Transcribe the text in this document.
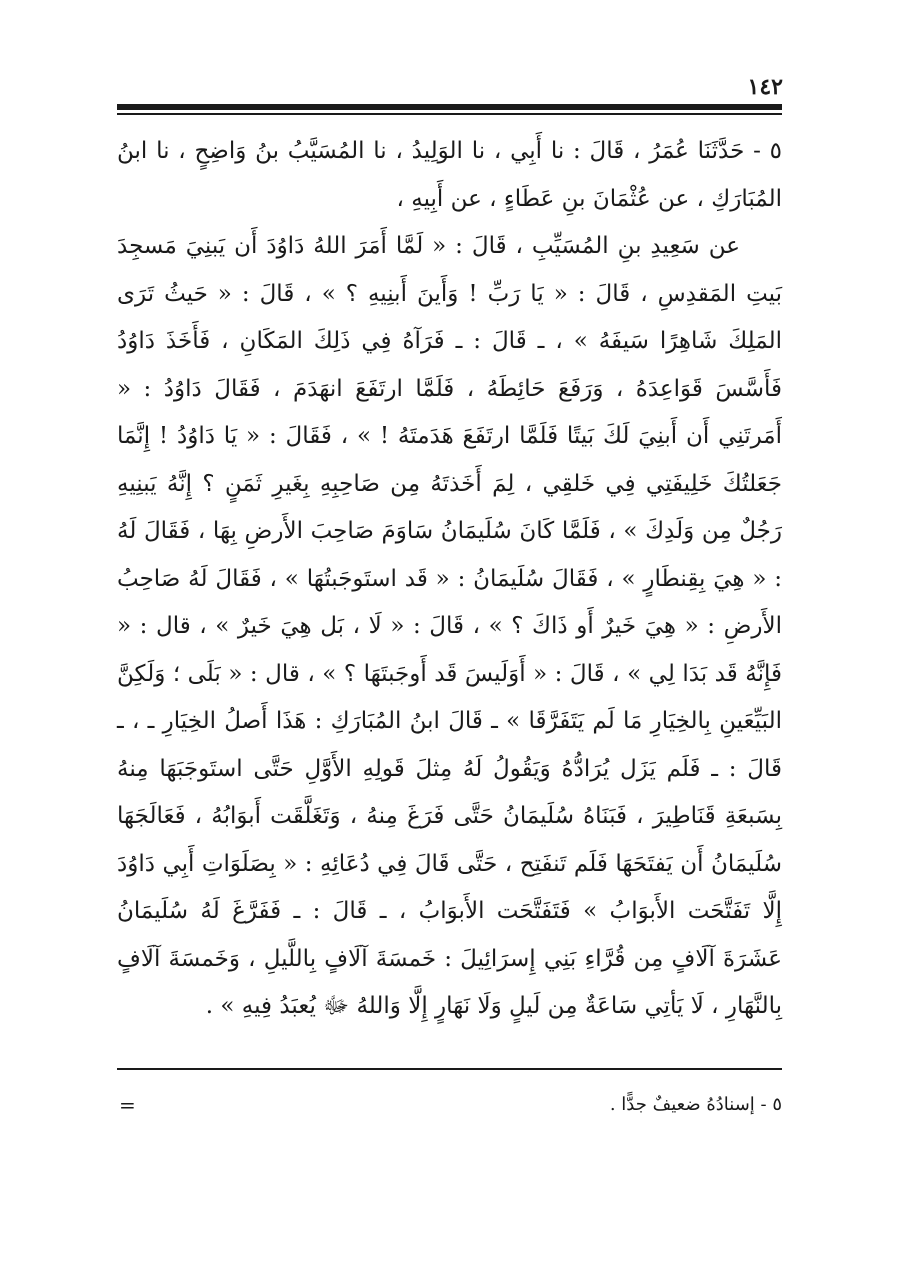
١٤٢

٥ - حَدَّثَنَا عُمَرُ ، قَالَ : نا أَبِي ، نا الوَلِيدُ ، نا المُسَيَّبُ بنُ وَاضِحٍ ، نا ابنُ المُبَارَكِ ، عن عُثْمَانَ بنِ عَطَاءٍ ، عن أَبِيهِ ،

عن سَعِيدِ بنِ المُسَيِّبِ ، قَالَ : « لَمَّا أَمَرَ اللهُ دَاوُدَ أَن يَبنِيَ مَسجِدَ بَيتِ المَقدِسِ ، قَالَ : « يَا رَبِّ ! وَأَينَ أَبنِيهِ ؟ » ، قَالَ : « حَيثُ تَرَى المَلِكَ شَاهِرًا سَيفَهُ » ، ـ قَالَ : ـ فَرَآهُ فِي ذَلِكَ المَكَانِ ، فَأَخَذَ دَاوُدُ فَأَسَّسَ قَوَاعِدَهُ ، وَرَفَعَ حَائِطَهُ ، فَلَمَّا ارتَفَعَ انهَدَمَ ، فَقَالَ دَاوُدُ : « أَمَرتَنِي أَن أَبنِيَ لَكَ بَيتًا فَلَمَّا ارتَفَعَ هَدَمتَهُ ! » ، فَقَالَ : « يَا دَاوُدُ ! إِنَّمَا جَعَلتُكَ خَلِيفَتِي فِي خَلقِي ، لِمَ أَخَذتَهُ مِن صَاحِبِهِ بِغَيرِ ثَمَنٍ ؟ إِنَّهُ يَبنِيهِ رَجُلٌ مِن وَلَدِكَ » ، فَلَمَّا كَانَ سُلَيمَانُ سَاوَمَ صَاحِبَ الأَرضِ بِهَا ، فَقَالَ لَهُ : « هِيَ بِقِنطَارٍ » ، فَقَالَ سُلَيمَانُ : « قَد استَوجَبتُهَا » ، فَقَالَ لَهُ صَاحِبُ الأَرضِ : « هِيَ خَيرٌ أَو ذَاكَ ؟ » ، قَالَ : « لَا ، بَل هِيَ خَيرٌ » ، قال : « فَإِنَّهُ قَد بَدَا لِي » ، قَالَ : « أَوَلَيسَ قَد أَوجَبتَهَا ؟ » ، قال : « بَلَى ؛ وَلَكِنَّ البَيِّعَينِ بِالخِيَارِ مَا لَم يَتَفَرَّقَا » ـ قَالَ ابنُ المُبَارَكِ : هَذَا أَصلُ الخِيَارِ ـ ، ـ قَالَ : ـ فَلَم يَزَل يُرَادُّهُ وَيَقُولُ لَهُ مِثلَ قَولِهِ الأَوَّلِ حَتَّى استَوجَبَهَا مِنهُ بِسَبعَةِ قَنَاطِيرَ ، فَبَنَاهُ سُلَيمَانُ حَتَّى فَرَغَ مِنهُ ، وَتَغَلَّقَت أَبوَابُهُ ، فَعَالَجَهَا سُلَيمَانُ أَن يَفتَحَهَا فَلَم تَنفَتِح ، حَتَّى قَالَ فِي دُعَائِهِ : « بِصَلَوَاتِ أَبِي دَاوُدَ إِلَّا تَفَتَّحَت الأَبوَابُ » فَتَفَتَّحَت الأَبوَابُ ، ـ قَالَ : ـ فَفَرَّغَ لَهُ سُلَيمَانُ عَشَرَةَ آلَافٍ مِن قُرَّاءِ بَنِي إِسرَائِيلَ : خَمسَةَ آلَافٍ بِاللَّيلِ ، وَخَمسَةَ آلَافٍ بِالنَّهَارِ ، لَا يَأتِي سَاعَةٌ مِن لَيلٍ وَلَا نَهَارٍ إِلَّا وَاللهُ ﷻ يُعبَدُ فِيهِ » .

٥ - إسنادُهُ ضعيفٌ جدًّا .
=
